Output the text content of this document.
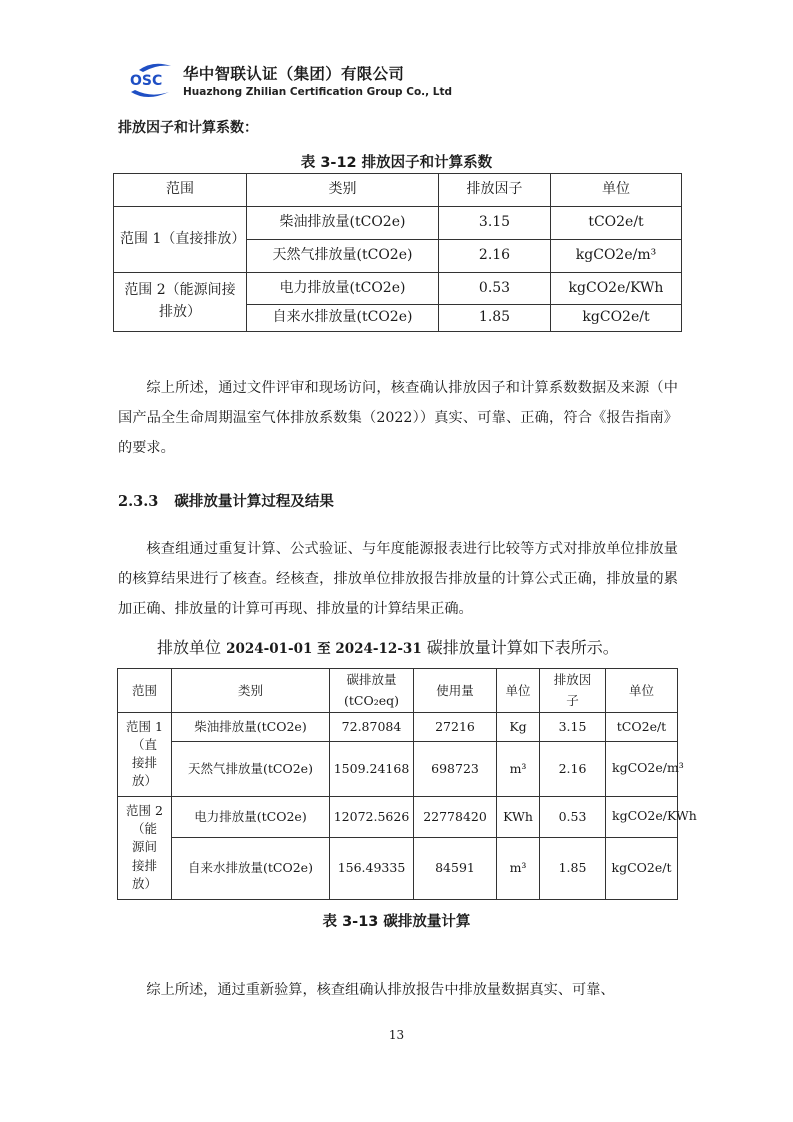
OSC 华中智联认证（集团）有限公司
Huazhong Zhilian Certification Group Co., Ltd
排放因子和计算系数：
表 3-12 排放因子和计算系数
范围	类别	排放因子	单位
范围 1（直接排放）	柴油排放量(tCO2e)	3.15	tCO2e/t
	天然气排放量(tCO2e)	2.16	kgCO2e/m³
范围 2（能源间接排放）	电力排放量(tCO2e)	0.53	kgCO2e/KWh
	自来水排放量(tCO2e)	1.85	kgCO2e/t
综上所述，通过文件评审和现场访问，核查确认排放因子和计算系数数据及来源（中国产品全生命周期温室气体排放系数集（2022））真实、可靠、正确，符合《报告指南》的要求。
2.3.3 碳排放量计算过程及结果
核查组通过重复计算、公式验证、与年度能源报表进行比较等方式对排放单位排放量的核算结果进行了核查。经核查，排放单位排放报告排放量的计算公式正确，排放量的累加正确、排放量的计算可再现、排放量的计算结果正确。
排放单位 2024-01-01 至 2024-12-31 碳排放量计算如下表所示。
范围	类别	碳排放量(tCO₂eq)	使用量	单位	排放因子	单位
范围 1（直接排放）	柴油排放量(tCO2e)	72.87084	27216	Kg	3.15	tCO2e/t
	天然气排放量(tCO2e)	1509.24168	698723	m³	2.16	kgCO2e/m³
范围 2（能源间接排放）	电力排放量(tCO2e)	12072.5626	22778420	KWh	0.53	kgCO2e/KWh
	自来水排放量(tCO2e)	156.49335	84591	m³	1.85	kgCO2e/t
表 3-13 碳排放量计算
综上所述，通过重新验算，核查组确认排放报告中排放量数据真实、可靠、
13
